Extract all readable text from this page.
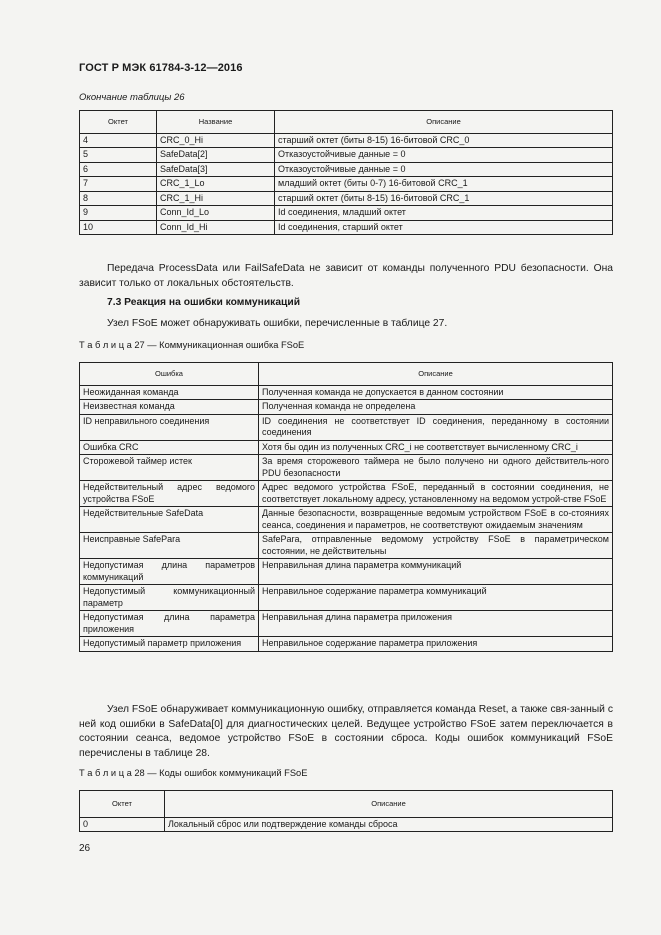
ГОСТ Р МЭК 61784-3-12—2016
Окончание таблицы 26
Октет	Название	Описание
4	CRC_0_Hi	старший октет (биты 8-15) 16-битовой CRC_0
5	SafeData[2]	Отказоустойчивые данные = 0
6	SafeData[3]	Отказоустойчивые данные = 0
7	CRC_1_Lo	младший октет (биты 0-7) 16-битовой CRC_1
8	CRC_1_Hi	старший октет (биты 8-15) 16-битовой CRC_1
9	Conn_Id_Lo	Id соединения, младший октет
10	Conn_Id_Hi	Id соединения, старший октет
Передача ProcessData или FailSafeData не зависит от команды полученного PDU безопасности. Она зависит только от локальных обстоятельств.
7.3 Реакция на ошибки коммуникаций
Узел FSoE может обнаруживать ошибки, перечисленные в таблице 27.
Т а б л и ц а 27 — Коммуникационная ошибка FSoE
Ошибка	Описание
Неожиданная команда	Полученная команда не допускается в данном состоянии
Неизвестная команда	Полученная команда не определена
ID неправильного соединения	ID соединения не соответствует ID соединения, переданному в состоянии соединения
Ошибка CRC	Хотя бы один из полученных CRC_i не соответствует вычисленному CRC_i
Сторожевой таймер истек	За время сторожевого таймера не было получено ни одного действитель-ного PDU безопасности
Недействительный адрес ведомого устройства FSoE	Адрес ведомого устройства FSoE, переданный в состоянии соединения, не соответствует локальному адресу, установленному на ведомом устрой-стве FSoE
Недействительные SafeData	Данные безопасности, возвращенные ведомым устройством FSoE в со-стояниях сеанса, соединения и параметров, не соответствуют ожидаемым значениям
Неисправные SafePara	SafePara, отправленные ведомому устройству FSoE в параметрическом состоянии, не действительны
Недопустимая длина параметров коммуникаций	Неправильная длина параметра коммуникаций
Недопустимый коммуникационный параметр	Неправильное содержание параметра коммуникаций
Недопустимая длина параметра приложения	Неправильная длина параметра приложения
Недопустимый параметр приложения	Неправильное содержание параметра приложения
Узел FSoE обнаруживает коммуникационную ошибку, отправляется команда Reset, а также свя-занный с ней код ошибки в SafeData[0] для диагностических целей. Ведущее устройство FSoE затем переключается в состоянии сеанса, ведомое устройство FSoE в состоянии сброса. Коды ошибок коммуникаций FSoE перечислены в таблице 28.
Т а б л и ц а 28 — Коды ошибок коммуникаций FSoE
Октет	Описание
0	Локальный сброс или подтверждение команды сброса
26
